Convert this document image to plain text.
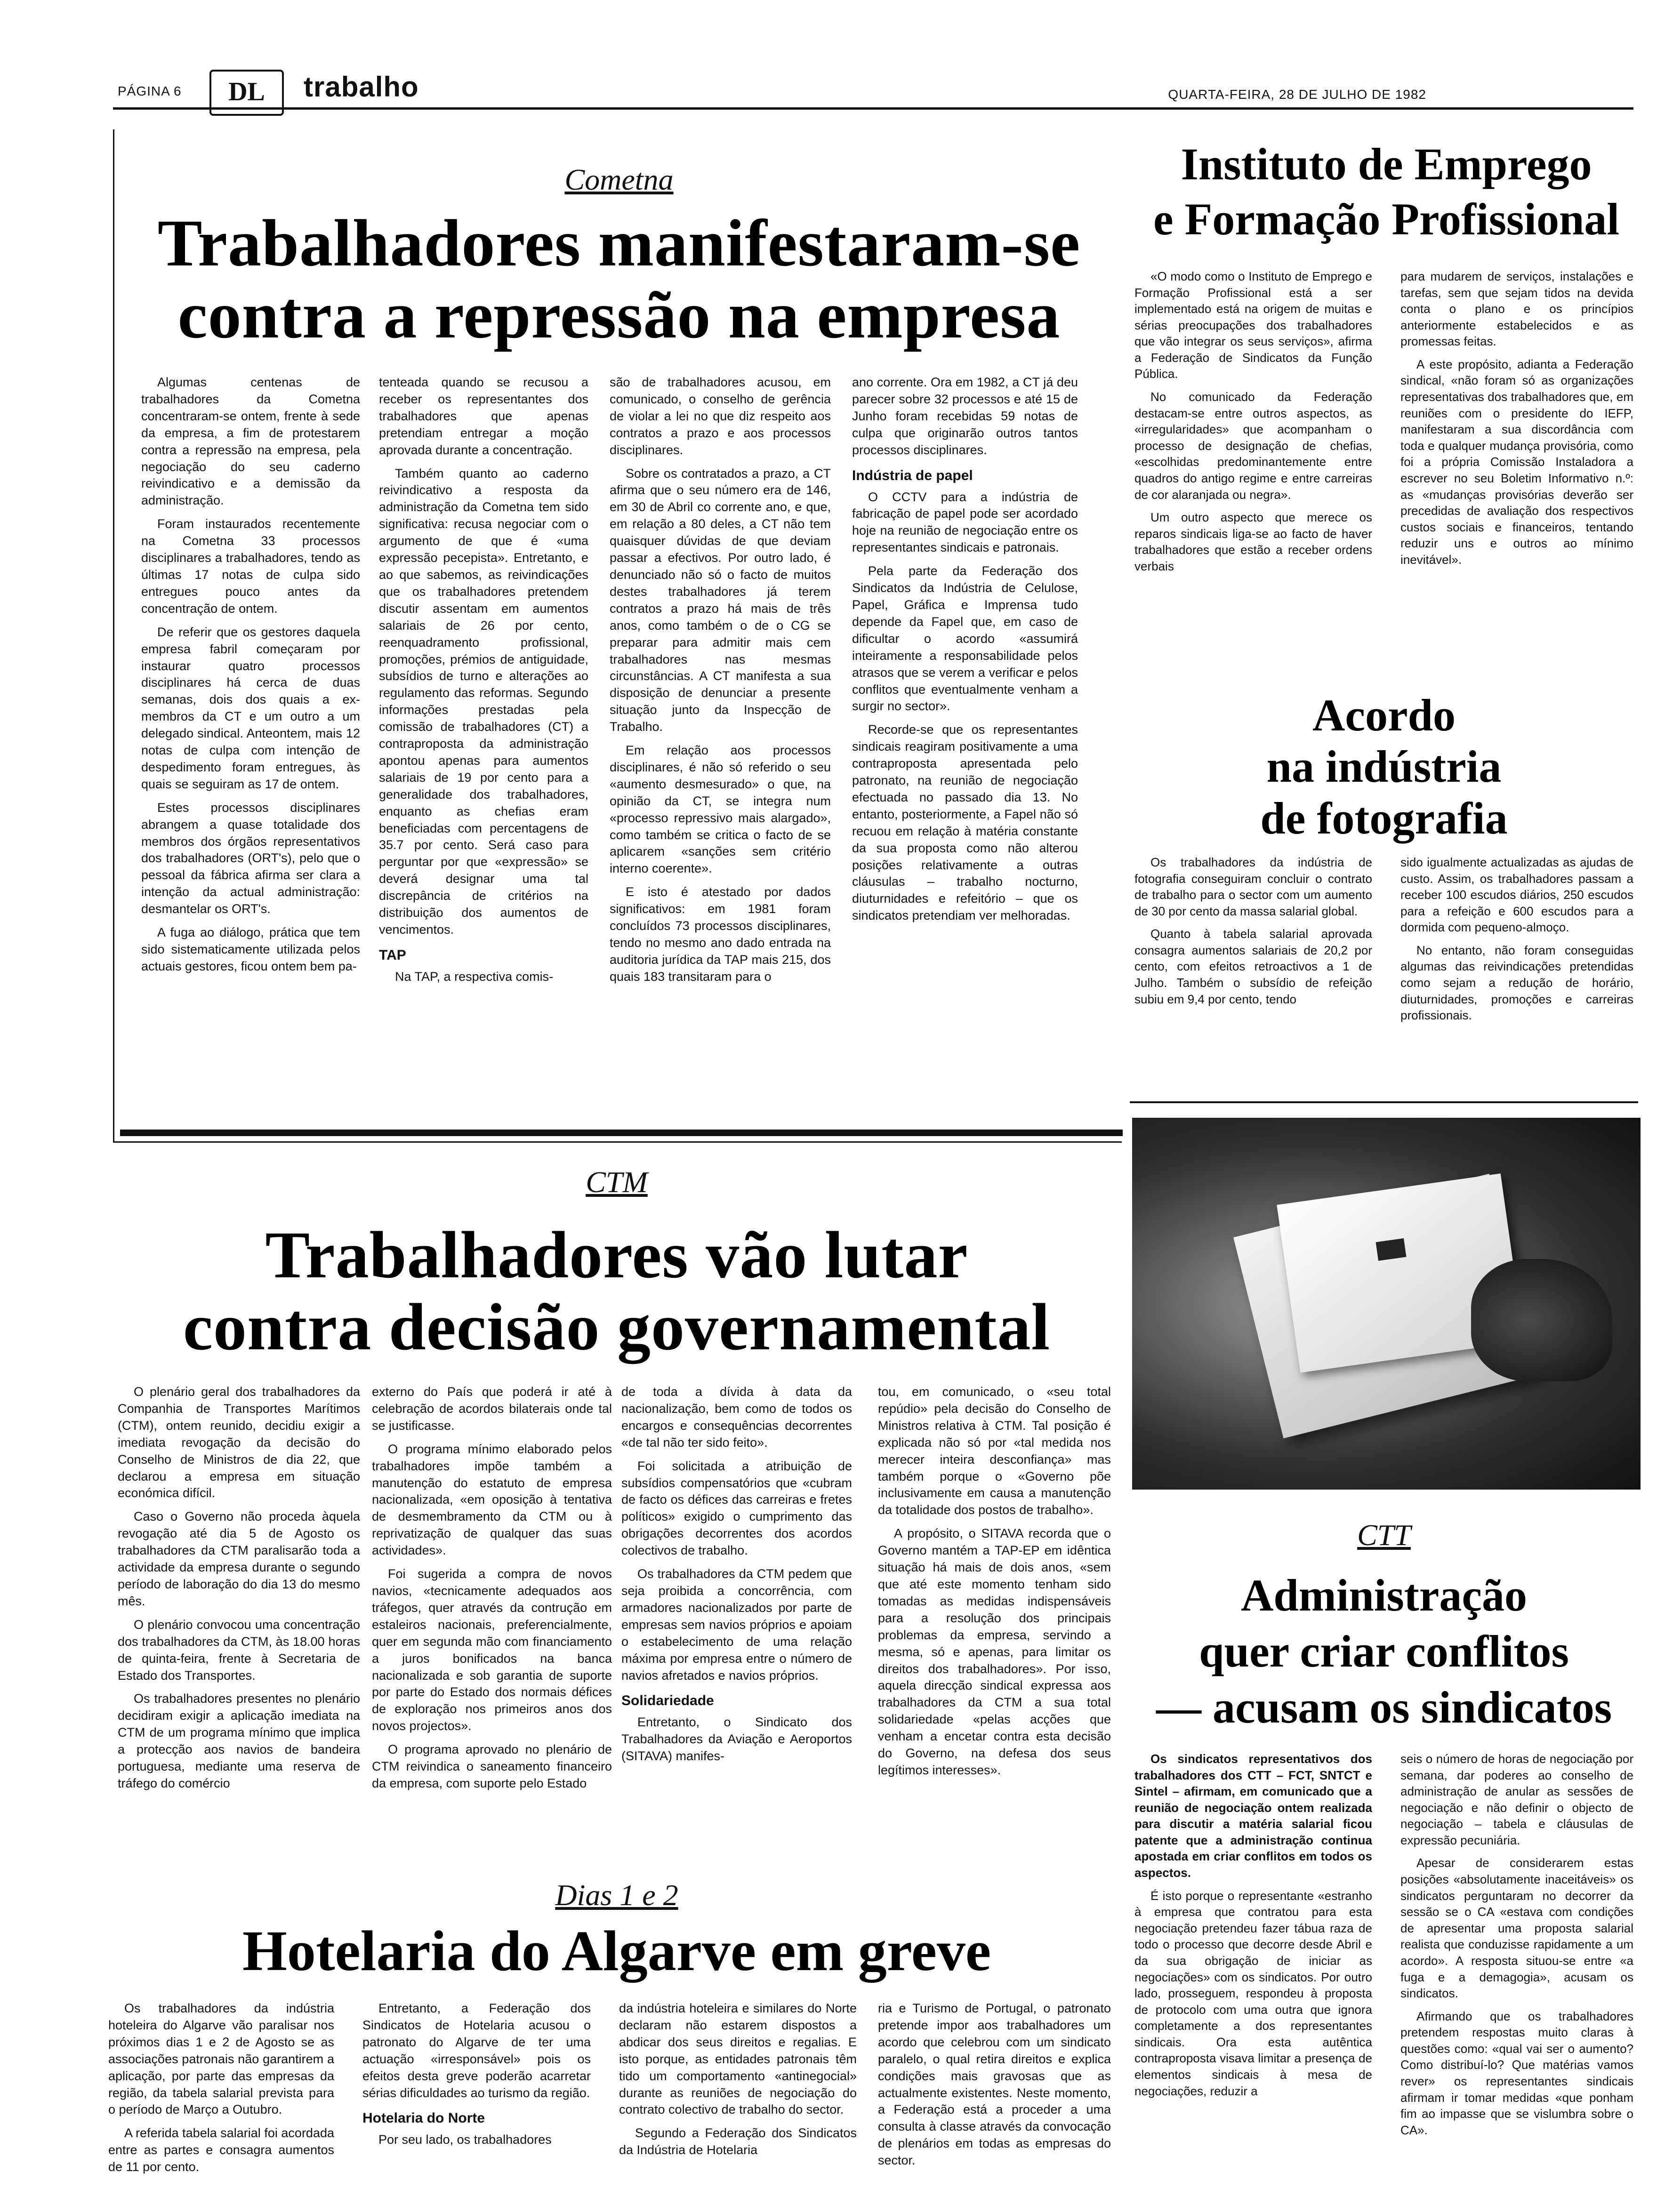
PÁGINA 6	DL	trabalho	QUARTA-FEIRA, 28 DE JULHO DE 1982
Cometna
Trabalhadores manifestaram-se
contra a repressão na empresa

Algumas centenas de trabalhadores da Cometna concentraram-se ontem, frente à sede da empresa, a fim de protestarem contra a repressão na empresa, pela negociação do seu caderno reivindicativo e a demissão da administração.

Foram instaurados recentemente na Cometna 33 processos disciplinares a trabalhadores, tendo as últimas 17 notas de culpa sido entregues pouco antes da concentração de ontem.

De referir que os gestores daquela empresa fabril começaram por instaurar quatro processos disciplinares há cerca de duas semanas, dois dos quais a ex-membros da CT e um outro a um delegado sindical. Anteontem, mais 12 notas de culpa com intenção de despedimento foram entregues, às quais se seguiram as 17 de ontem.

Estes processos disciplinares abrangem a quase totalidade dos membros dos órgãos representativos dos trabalhadores (ORT's), pelo que o pessoal da fábrica afirma ser clara a intenção da actual administração: desmantelar os ORT's.

A fuga ao diálogo, prática que tem sido sistematicamente utilizada pelos actuais gestores, ficou ontem bem pa-

tenteada quando se recusou a receber os representantes dos trabalhadores que apenas pretendiam entregar a moção aprovada durante a concentração.

Também quanto ao caderno reivindicativo a resposta da administração da Cometna tem sido significativa: recusa negociar com o argumento de que é «uma expressão pecepista». Entretanto, e ao que sabemos, as reivindicações que os trabalhadores pretendem discutir assentam em aumentos salariais de 26 por cento, reenquadramento profissional, promoções, prémios de antiguidade, subsídios de turno e alterações ao regulamento das reformas. Segundo informações prestadas pela comissão de trabalhadores (CT) a contraproposta da administração apontou apenas para aumentos salariais de 19 por cento para a generalidade dos trabalhadores, enquanto as chefias eram beneficiadas com percentagens de 35.7 por cento. Será caso para perguntar por que «expressão» se deverá designar uma tal discrepância de critérios na distribuição dos aumentos de vencimentos.

TAP

Na TAP, a respectiva comis-

são de trabalhadores acusou, em comunicado, o conselho de gerência de violar a lei no que diz respeito aos contratos a prazo e aos processos disciplinares.

Sobre os contratados a prazo, a CT afirma que o seu número era de 146, em 30 de Abril co corrente ano, e que, em relação a 80 deles, a CT não tem quaisquer dúvidas de que deviam passar a efectivos. Por outro lado, é denunciado não só o facto de muitos destes trabalhadores já terem contratos a prazo há mais de três anos, como também o de o CG se preparar para admitir mais cem trabalhadores nas mesmas circunstâncias. A CT manifesta a sua disposição de denunciar a presente situação junto da Inspecção de Trabalho.

Em relação aos processos disciplinares, é não só referido o seu «aumento desmesurado» o que, na opinião da CT, se integra num «processo repressivo mais alargado», como também se critica o facto de se aplicarem «sanções sem critério interno coerente».

E isto é atestado por dados significativos: em 1981 foram concluídos 73 processos disciplinares, tendo no mesmo ano dado entrada na auditoria jurídica da TAP mais 215, dos quais 183 transitaram para o

ano corrente. Ora em 1982, a CT já deu parecer sobre 32 processos e até 15 de Junho foram recebidas 59 notas de culpa que originarão outros tantos processos disciplinares.

Indústria de papel

O CCTV para a indústria de fabricação de papel pode ser acordado hoje na reunião de negociação entre os representantes sindicais e patronais.

Pela parte da Federação dos Sindicatos da Indústria de Celulose, Papel, Gráfica e Imprensa tudo depende da Fapel que, em caso de dificultar o acordo «assumirá inteiramente a responsabilidade pelos atrasos que se verem a verificar e pelos conflitos que eventualmente venham a surgir no sector».

Recorde-se que os representantes sindicais reagiram positivamente a uma contraproposta apresentada pelo patronato, na reunião de negociação efectuada no passado dia 13. No entanto, posteriormente, a Fapel não só recuou em relação à matéria constante da sua proposta como não alterou posições relativamente a outras cláusulas – trabalho nocturno, diuturnidades e refeitório – que os sindicatos pretendiam ver melhoradas.

Instituto de Emprego
e Formação Profissional

«O modo como o Instituto de Emprego e Formação Profissional está a ser implementado está na origem de muitas e sérias preocupações dos trabalhadores que vão integrar os seus serviços», afirma a Federação de Sindicatos da Função Pública.

No comunicado da Federação destacam-se entre outros aspectos, as «irregularidades» que acompanham o processo de designação de chefias, «escolhidas predominantemente entre quadros do antigo regime e entre carreiras de cor alaranjada ou negra».

Um outro aspecto que merece os reparos sindicais liga-se ao facto de haver trabalhadores que estão a receber ordens verbais

para mudarem de serviços, instalações e tarefas, sem que sejam tidos na devida conta o plano e os princípios anteriormente estabelecidos e as promessas feitas.

A este propósito, adianta a Federação sindical, «não foram só as organizações representativas dos trabalhadores que, em reuniões com o presidente do IEFP, manifestaram a sua discordância com toda e qualquer mudança provisória, como foi a própria Comissão Instaladora a escrever no seu Boletim Informativo n.º: as «mudanças provisórias deverão ser precedidas de avaliação dos respectivos custos sociais e financeiros, tentando reduzir uns e outros ao mínimo inevitável».

Acordo
na indústria
de fotografia

Os trabalhadores da indústria de fotografia conseguiram concluir o contrato de trabalho para o sector com um aumento de 30 por cento da massa salarial global.

Quanto à tabela salarial aprovada consagra aumentos salariais de 20,2 por cento, com efeitos retroactivos a 1 de Julho. Também o subsídio de refeição subiu em 9,4 por cento, tendo

sido igualmente actualizadas as ajudas de custo. Assim, os trabalhadores passam a receber 100 escudos diários, 250 escudos para a refeição e 600 escudos para a dormida com pequeno-almoço.

No entanto, não foram conseguidas algumas das reivindicações pretendidas como sejam a redução de horário, diuturnidades, promoções e carreiras profissionais.

CTM
Trabalhadores vão lutar
contra decisão governamental

O plenário geral dos trabalhadores da Companhia de Transportes Marítimos (CTM), ontem reunido, decidiu exigir a imediata revogação da decisão do Conselho de Ministros de dia 22, que declarou a empresa em situação económica difícil.

Caso o Governo não proceda àquela revogação até dia 5 de Agosto os trabalhadores da CTM paralisarão toda a actividade da empresa durante o segundo período de laboração do dia 13 do mesmo mês.

O plenário convocou uma concentração dos trabalhadores da CTM, às 18.00 horas de quinta-feira, frente à Secretaria de Estado dos Transportes.

Os trabalhadores presentes no plenário decidiram exigir a aplicação imediata na CTM de um programa mínimo que implica a protecção aos navios de bandeira portuguesa, mediante uma reserva de tráfego do comércio

externo do País que poderá ir até à celebração de acordos bilaterais onde tal se justificasse.

O programa mínimo elaborado pelos trabalhadores impõe também a manutenção do estatuto de empresa nacionalizada, «em oposição à tentativa de desmembramento da CTM ou à reprivatização de qualquer das suas actividades».

Foi sugerida a compra de novos navios, «tecnicamente adequados aos tráfegos, quer através da contrução em estaleiros nacionais, preferencialmente, quer em segunda mão com financiamento a juros bonificados na banca nacionalizada e sob garantia de suporte por parte do Estado dos normais défices de exploração nos primeiros anos dos novos projectos».

O programa aprovado no plenário de CTM reivindica o saneamento financeiro da empresa, com suporte pelo Estado

de toda a dívida à data da nacionalização, bem como de todos os encargos e consequências decorrentes «de tal não ter sido feito».

Foi solicitada a atribuição de subsídios compensatórios que «cubram de facto os défices das carreiras e fretes políticos» exigido o cumprimento das obrigações decorrentes dos acordos colectivos de trabalho.

Os trabalhadores da CTM pedem que seja proibida a concorrência, com armadores nacionalizados por parte de empresas sem navios próprios e apoiam o estabelecimento de uma relação máxima por empresa entre o número de navios afretados e navios próprios.

Solidariedade

Entretanto, o Sindicato dos Trabalhadores da Aviação e Aeroportos (SITAVA) manifes-

tou, em comunicado, o «seu total repúdio» pela decisão do Conselho de Ministros relativa à CTM. Tal posição é explicada não só por «tal medida nos merecer inteira desconfiança» mas também porque o «Governo põe inclusivamente em causa a manutenção da totalidade dos postos de trabalho».

A propósito, o SITAVA recorda que o Governo mantém a TAP-EP em idêntica situação há mais de dois anos, «sem que até este momento tenham sido tomadas as medidas indispensáveis para a resolução dos principais problemas da empresa, servindo a mesma, só e apenas, para limitar os direitos dos trabalhadores». Por isso, aquela direcção sindical expressa aos trabalhadores da CTM a sua total solidariedade «pelas acções que venham a encetar contra esta decisão do Governo, na defesa dos seus legítimos interesses».

CTT
Administração
quer criar conflitos
— acusam os sindicatos

Os sindicatos representativos dos trabalhadores dos CTT – FCT, SNTCT e Sintel – afirmam, em comunicado que a reunião de negociação ontem realizada para discutir a matéria salarial ficou patente que a administração continua apostada em criar conflitos em todos os aspectos.

É isto porque o representante «estranho à empresa que contratou para esta negociação pretendeu fazer tábua raza de todo o processo que decorre desde Abril e da sua obrigação de iniciar as negociações» com os sindicatos. Por outro lado, prosseguem, respondeu à proposta de protocolo com uma outra que ignora completamente a dos representantes sindicais. Ora esta autêntica contraproposta visava limitar a presença de elementos sindicais à mesa de negociações, reduzir a

seis o número de horas de negociação por semana, dar poderes ao conselho de administração de anular as sessões de negociação e não definir o objecto de negociação – tabela e cláusulas de expressão pecuniária.

Apesar de considerarem estas posições «absolutamente inaceitáveis» os sindicatos perguntaram no decorrer da sessão se o CA «estava com condições de apresentar uma proposta salarial realista que conduzisse rapidamente a um acordo». A resposta situou-se entre «a fuga e a demagogia», acusam os sindicatos.

Afirmando que os trabalhadores pretendem respostas muito claras à questões como: «qual vai ser o aumento? Como distribuí-lo? Que matérias vamos rever» os representantes sindicais afirmam ir tomar medidas «que ponham fim ao impasse que se vislumbra sobre o CA».

Dias 1 e 2
Hotelaria do Algarve em greve

Os trabalhadores da indústria hoteleira do Algarve vão paralisar nos próximos dias 1 e 2 de Agosto se as associações patronais não garantirem a aplicação, por parte das empresas da região, da tabela salarial prevista para o período de Março a Outubro.

A referida tabela salarial foi acordada entre as partes e consagra aumentos de 11 por cento.

Entretanto, a Federação dos Sindicatos de Hotelaria acusou o patronato do Algarve de ter uma actuação «irresponsável» pois os efeitos desta greve poderão acarretar sérias dificuldades ao turismo da região.

Hotelaria do Norte

Por seu lado, os trabalhadores

da indústria hoteleira e similares do Norte declaram não estarem dispostos a abdicar dos seus direitos e regalias. E isto porque, as entidades patronais têm tido um comportamento «antinegocial» durante as reuniões de negociação do contrato colectivo de trabalho do sector.

Segundo a Federação dos Sindicatos da Indústria de Hotelaria

ria e Turismo de Portugal, o patronato pretende impor aos trabalhadores um acordo que celebrou com um sindicato paralelo, o qual retira direitos e explica condições mais gravosas que as actualmente existentes. Neste momento, a Federação está a proceder a uma consulta à classe através da convocação de plenários em todas as empresas do sector.
